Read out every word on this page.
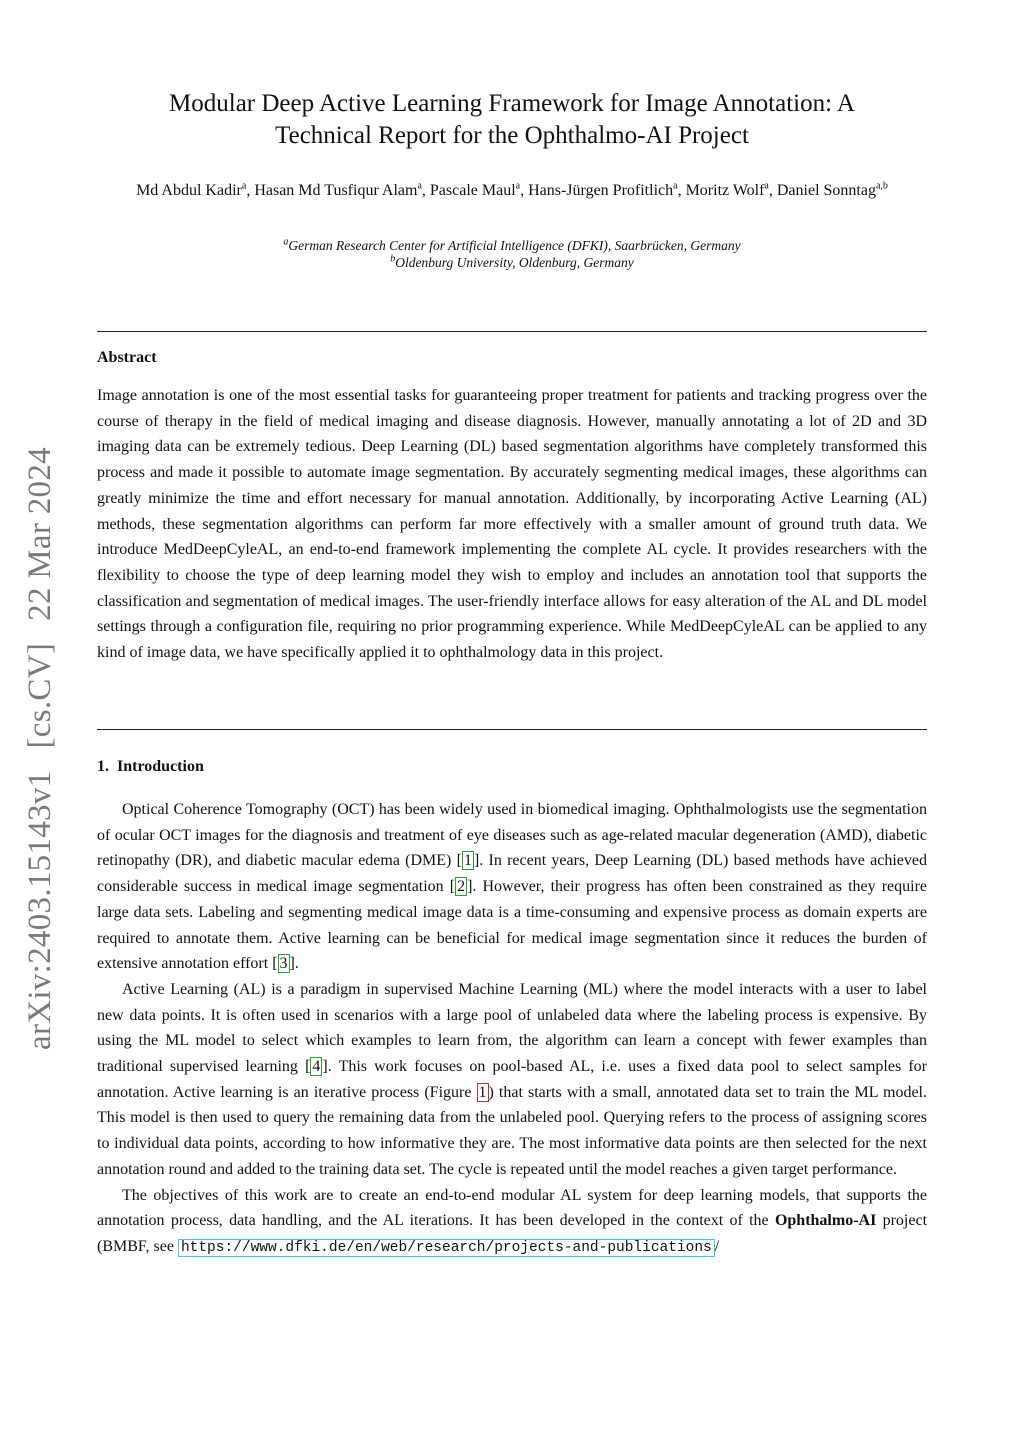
arXiv:2403.15143v1[cs.CV]22 Mar 2024
Modular Deep Active Learning Framework for Image Annotation: A
Technical Report for the Ophthalmo-AI Project
Md Abdul Kadir$^a$, Hasan Md Tusfiqur Alam$^a$, Pascale Maul$^a$, Hans-Jürgen Profitlich$^a$, Moritz Wolf$^a$, Daniel Sonntag$^{a,b}$
$^a$German Research Center for Artificial Intelligence (DFKI), Saarbrücken, Germany
$^b$Oldenburg University, Oldenburg, Germany
Abstract
Image annotation is one of the most essential tasks for guaranteeing proper treatment for patients and tracking progress over the course of therapy in the field of medical imaging and disease diagnosis. However, manually annotating a lot of 2D and 3D imaging data can be extremely tedious. Deep Learning (DL) based segmentation algorithms have completely transformed this process and made it possible to automate image segmentation. By accurately segmenting medical images, these algorithms can greatly minimize the time and effort necessary for manual annotation. Additionally, by incorporating Active Learning (AL) methods, these segmentation algorithms can perform far more effectively with a smaller amount of ground truth data. We introduce MedDeepCyleAL, an end-to-end framework implementing the complete AL cycle. It provides researchers with the flexibility to choose the type of deep learning model they wish to employ and includes an annotation tool that supports the classification and segmentation of medical images. The user-friendly interface allows for easy alteration of the AL and DL model settings through a configuration file, requiring no prior programming experience. While MedDeepCyleAL can be applied to any kind of image data, we have specifically applied it to ophthalmology data in this project.
1. Introduction

Optical Coherence Tomography (OCT) has been widely used in biomedical imaging. Ophthalmologists use the segmentation of ocular OCT images for the diagnosis and treatment of eye diseases such as age-related macular degeneration (AMD), diabetic retinopathy (DR), and diabetic macular edema (DME) [ 1 ]. In recent years, Deep Learning (DL) based methods have achieved considerable success in medical image segmentation [ 2 ]. However, their progress has often been constrained as they require large data sets. Labeling and segmenting medical image data is a time-consuming and expensive process as domain experts are required to annotate them. Active learning can be beneficial for medical image segmentation since it reduces the burden of extensive annotation effort [ 3 ].

Active Learning (AL) is a paradigm in supervised Machine Learning (ML) where the model interacts with a user to label new data points. It is often used in scenarios with a large pool of unlabeled data where the labeling process is expensive. By using the ML model to select which examples to learn from, the algorithm can learn a concept with fewer examples than traditional supervised learning [ 4 ]. This work focuses on pool-based AL, i.e. uses a fixed data pool to select samples for annotation. Active learning is an iterative process (Figure 1 ) that starts with a small, annotated data set to train the ML model. This model is then used to query the remaining data from the unlabeled pool. Querying refers to the process of assigning scores to individual data points, according to how informative they are. The most informative data points are then selected for the next annotation round and added to the training data set. The cycle is repeated until the model reaches a given target performance.

The objectives of this work are to create an end-to-end modular AL system for deep learning models, that supports the annotation process, data handling, and the AL iterations. It has been developed in the context of the Ophthalmo-AI project (BMBF, see https://www.dfki.de/en/web/research/projects-and-publications /
